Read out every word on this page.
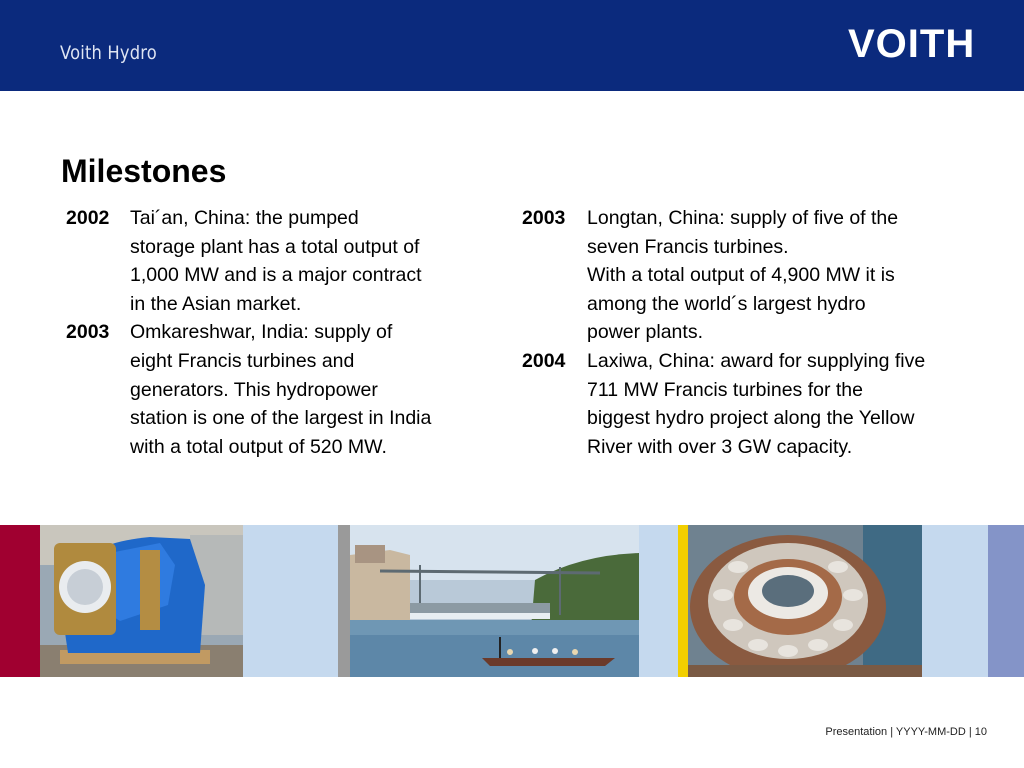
Voith Hydro	VOITH
Milestones
2002	Tai´an, China: the pumped
storage plant has a total output of
1,000 MW and is a major contract
in the Asian market.
2003	Omkareshwar, India: supply of
eight Francis turbines and
generators. This hydropower
station is one of the largest in India
with a total output of 520 MW.
2003	Longtan, China: supply of five of the
seven Francis turbines.
With a total output of 4,900 MW it is
among the world´s largest hydro
power plants.
2004	Laxiwa, China: award for supplying five
711 MW Francis turbines for the
biggest hydro project along the Yellow
River with over 3 GW capacity.
Presentation | YYYY-MM-DD | 10
